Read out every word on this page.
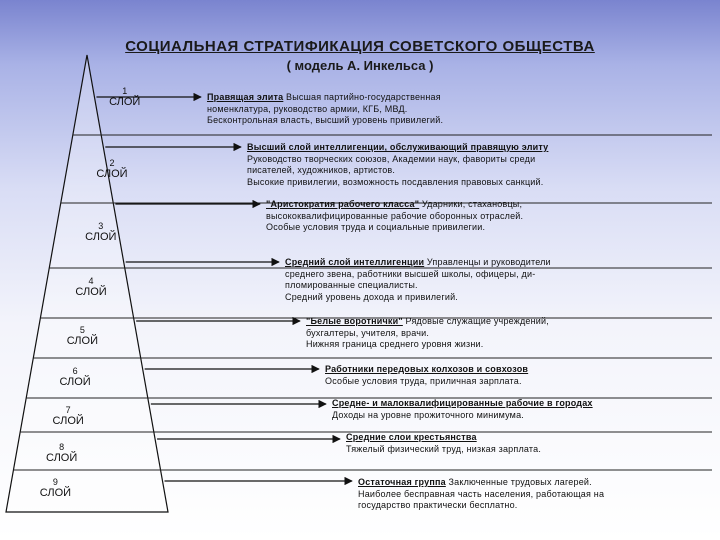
СОЦИАЛЬНАЯ СТРАТИФИКАЦИЯ СОВЕТСКОГО ОБЩЕСТВА
( модель А. Инкельса )
1
СЛОЙ
2
СЛОЙ
3
СЛОЙ
4
СЛОЙ
5
СЛОЙ
6
СЛОЙ
7
СЛОЙ
8
СЛОЙ
9
СЛОЙ
Правящая элита Высшая партийно-государственная
номенклатура, руководство армии, КГБ, МВД.
Бесконтрольная власть, высший уровень привилегий.
Высший слой интеллигенции, обслуживающий правящую элиту
Руководство творческих союзов, Академии наук, фавориты среди
писателей, художников, артистов.
Высокие привилегии, возможность посдавления правовых санкций.
"Аристократия рабочего класса" Ударники, стахановцы,
высококвалифицированные рабочие оборонных отраслей.
Особые условия труда и социальные привилегии.
Средний слой интеллигенции Управленцы и руководители
среднего звена, работники высшей школы, офицеры, ди-
пломированные специалисты.
Средний уровень дохода и привилегий.
"Белые воротнички" Рядовые служащие учреждений,
бухгалтеры, учителя, врачи.
Нижняя граница среднего уровня жизни.
Работники передовых колхозов и совхозов
Особые условия труда, приличная зарплата.
Средне- и малоквалифицированные рабочие в городах
Доходы на уровне прожиточного минимума.
Средние слои крестьянства
Тяжелый физический труд, низкая зарплата.
Остаточная группа Заключенные трудовых лагерей.
Наиболее бесправная часть населения, работающая на
государство практически бесплатно.
